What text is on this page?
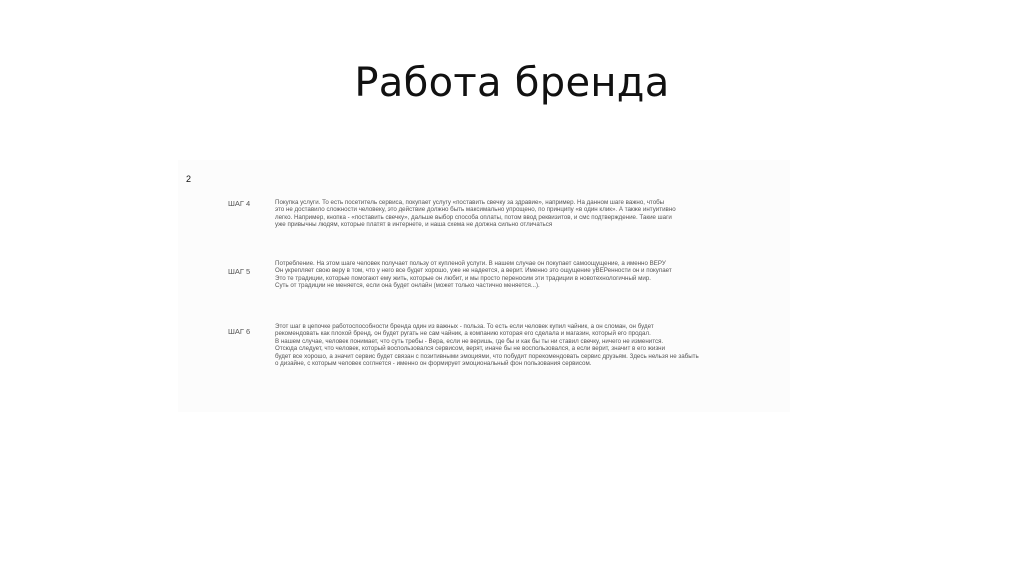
Работа бренда
2
ШАГ 4	Покупка услуги. То есть посетитель сервиса, покупает услугу «поставить свечку за здравие», например. На данном шаге важно, чтобы
это не доставило сложности человеку, это действие должно быть максимально упрощено, по принципу «в один клик». А также интуитивно
легко. Например, кнопка - «поставить свечку», дальше выбор способа оплаты, потом ввод реквизитов, и смс подтверждение. Такие шаги
уже привычны людям, которые платят в интернете, и наша схема не должна сильно отличаться
ШАГ 5
Потребление. На этом шаге человек получает пользу от купленой услуги. В нашем случае он покупает самоощущение, а именно ВЕРУ
Он укрепляет свою веру в том, что у него все будет хорошо, уже не надеется, а верит. Именно это ощущение уВЕРенности он и покупает
Это те традиции, которые помогают ему жить, которые он любит, и мы просто переносим эти традиции в новотехнологичный мир.
Суть от традиции не меняется, если она будет онлайн (может только частично меняется...).
ШАГ 6
Этот шаг в цепочке работоспособности бренда один из важных - польза. То есть если человек купил чайник, а он сломан, он будет
рекомендовать как плохой бренд, он будет ругать не сам чайник, а компанию которая его сделала и магазин, который его продал.
В нашем случае, человек понимает, что суть требы - Вера, если не веришь, где бы и как бы ты ни ставил свечку, ничего не изменится.
Отсюда следует, что человек, который воспользовался сервисом, верят, иначе бы не воспользовался, а если верит, значит в его жизни
будет все хорошо, а значит сервис будет связан с позитивными эмоциями, что побудит порекомендовать сервис друзьям. Здесь нельзя не забыть
о дизайне, с которым человек соглнется - именно он формирует эмоциональный фон пользования сервисом.
